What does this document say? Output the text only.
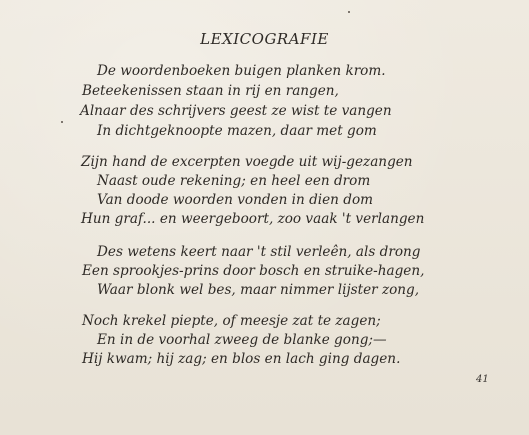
LEXICOGRAFIE
De woordenboeken buigen planken krom.
Beteekenissen staan in rij en rangen,
Alnaar des schrijvers geest ze wist te vangen
In dichtgeknoopte mazen, daar met gom
Zijn hand de excerpten voegde uit wij-gezangen
Naast oude rekening; en heel een drom
Van doode woorden vonden in dien dom
Hun graf... en weergeboort, zoo vaak 't verlangen
Des wetens keert naar 't stil verleên, als drong
Een sprookjes-prins door bosch en struike-hagen,
Waar blonk wel bes, maar nimmer lijster zong,
Noch krekel piepte, of meesje zat te zagen;
En in de voorhal zweeg de blanke gong;—
Hij kwam; hij zag; en blos en lach ging dagen.
41
